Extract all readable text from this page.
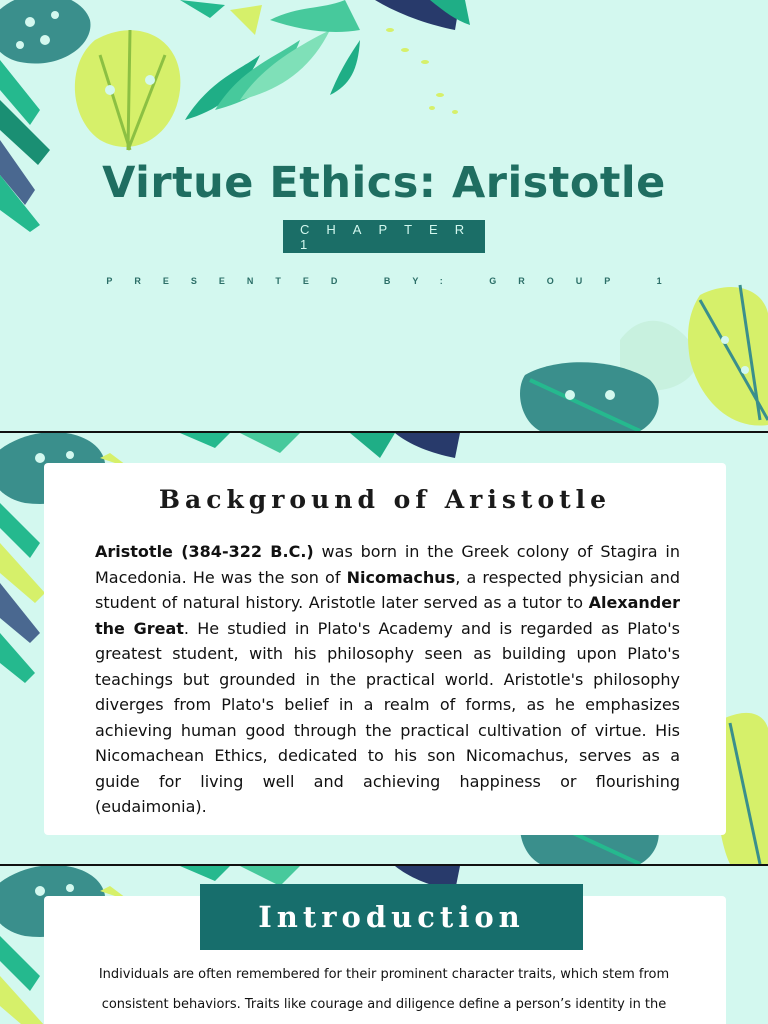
Virtue Ethics: Aristotle
CHAPTER 1
PRESENTED BY: GROUP 1
Background of Aristotle

Aristotle (384-322 B.C.) was born in the Greek colony of Stagira in Macedonia. He was the son of Nicomachus, a respected physician and student of natural history. Aristotle later served as a tutor to Alexander the Great. He studied in Plato's Academy and is regarded as Plato's greatest student, with his philosophy seen as building upon Plato's teachings but grounded in the practical world. Aristotle's philosophy diverges from Plato's belief in a realm of forms, as he emphasizes achieving human good through the practical cultivation of virtue. His Nicomachean Ethics, dedicated to his son Nicomachus, serves as a guide for living well and achieving happiness or flourishing (eudaimonia).

Introduction
Individuals are often remembered for their prominent character traits, which stem from
consistent behaviors. Traits like courage and diligence define a person’s identity in the
